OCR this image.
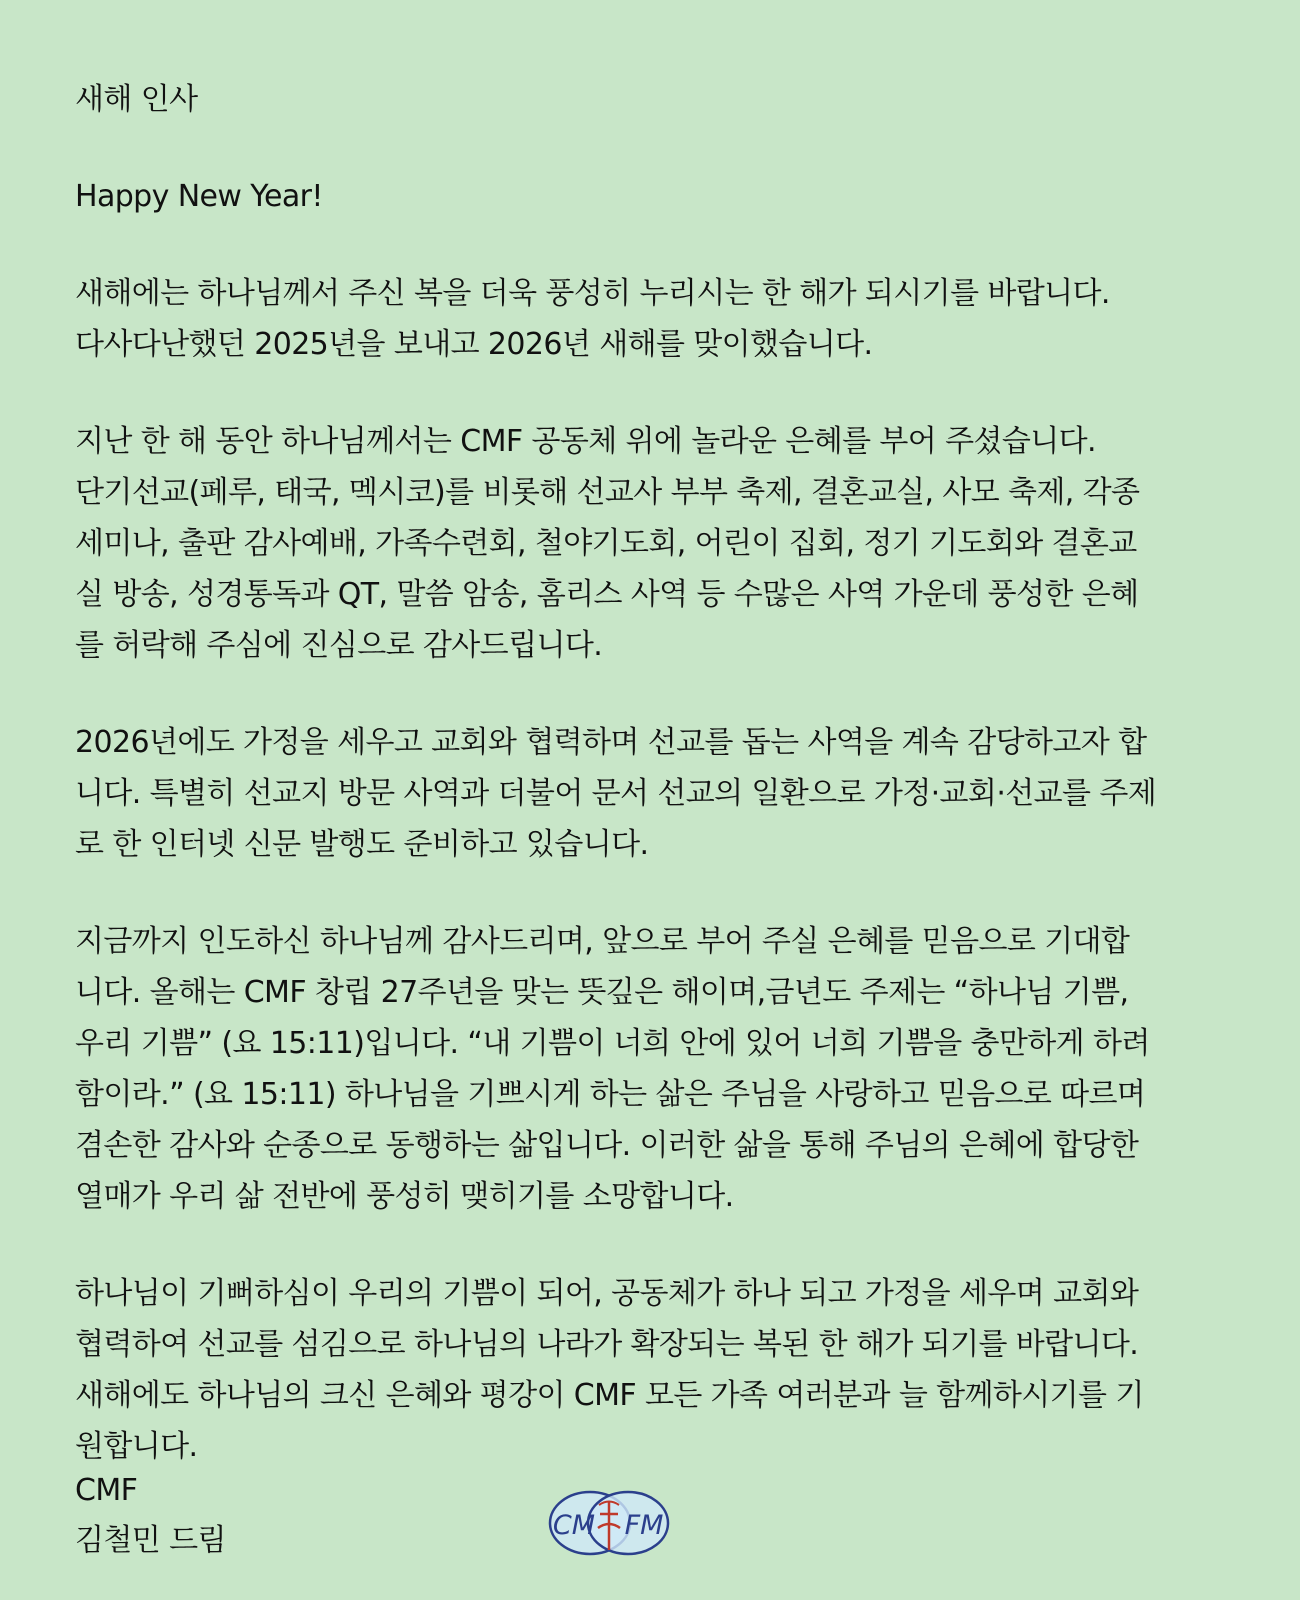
새해 인사
Happy New Year!
새해에는 하나님께서 주신 복을 더욱 풍성히 누리시는 한 해가 되시기를 바랍니다.
다사다난했던 2025년을 보내고 2026년 새해를 맞이했습니다.
지난 한 해 동안 하나님께서는 CMF 공동체 위에 놀라운 은혜를 부어 주셨습니다.
단기선교(페루, 태국, 멕시코)를 비롯해 선교사 부부 축제, 결혼교실, 사모 축제, 각종
세미나, 출판 감사예배, 가족수련회, 철야기도회, 어린이 집회, 정기 기도회와 결혼교
실 방송, 성경통독과 QT, 말씀 암송, 홈리스 사역 등 수많은 사역 가운데 풍성한 은혜
를 허락해 주심에 진심으로 감사드립니다.
2026년에도 가정을 세우고 교회와 협력하며 선교를 돕는 사역을 계속 감당하고자 합
니다. 특별히 선교지 방문 사역과 더불어 문서 선교의 일환으로 가정·교회·선교를 주제
로 한 인터넷 신문 발행도 준비하고 있습니다.
지금까지 인도하신 하나님께 감사드리며, 앞으로 부어 주실 은혜를 믿음으로 기대합
니다. 올해는 CMF 창립 27주년을 맞는 뜻깊은 해이며,금년도 주제는 “하나님 기쁨,
우리 기쁨” (요 15:11)입니다. “내 기쁨이 너희 안에 있어 너희 기쁨을 충만하게 하려
함이라.” (요 15:11) 하나님을 기쁘시게 하는 삶은 주님을 사랑하고 믿음으로 따르며
겸손한 감사와 순종으로 동행하는 삶입니다. 이러한 삶을 통해 주님의 은혜에 합당한
열매가 우리 삶 전반에 풍성히 맺히기를 소망합니다.
하나님이 기뻐하심이 우리의 기쁨이 되어, 공동체가 하나 되고 가정을 세우며 교회와
협력하여 선교를 섬김으로 하나님의 나라가 확장되는 복된 한 해가 되기를 바랍니다.
새해에도 하나님의 크신 은혜와 평강이 CMF 모든 가족 여러분과 늘 함께하시기를 기
원합니다.
CMF
김철민 드림	CM FM
